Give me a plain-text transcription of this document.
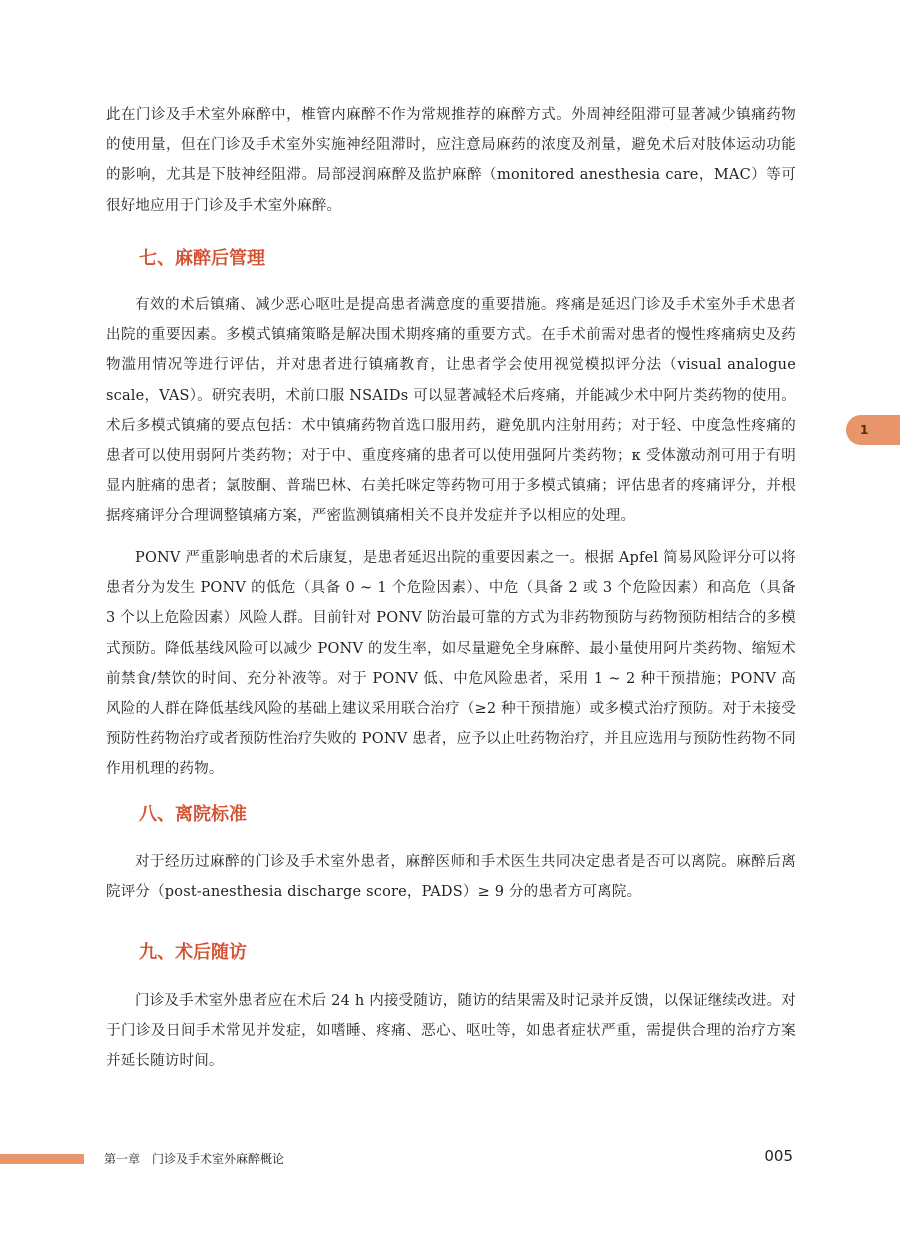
此在门诊及手术室外麻醉中，椎管内麻醉不作为常规推荐的麻醉方式。外周神经阻滞可显著减少镇痛药物的使用量，但在门诊及手术室外实施神经阻滞时，应注意局麻药的浓度及剂量，避免术后对肢体运动功能的影响，尤其是下肢神经阻滞。局部浸润麻醉及监护麻醉（monitored anesthesia care，MAC）等可很好地应用于门诊及手术室外麻醉。

七、麻醉后管理

有效的术后镇痛、减少恶心呕吐是提高患者满意度的重要措施。疼痛是延迟门诊及手术室外手术患者出院的重要因素。多模式镇痛策略是解决围术期疼痛的重要方式。在手术前需对患者的慢性疼痛病史及药物滥用情况等进行评估，并对患者进行镇痛教育，让患者学会使用视觉模拟评分法（visual analogue scale，VAS）。研究表明，术前口服 NSAIDs 可以显著减轻术后疼痛，并能减少术中阿片类药物的使用。术后多模式镇痛的要点包括：术中镇痛药物首选口服用药，避免肌内注射用药；对于轻、中度急性疼痛的患者可以使用弱阿片类药物；对于中、重度疼痛的患者可以使用强阿片类药物；κ 受体激动剂可用于有明显内脏痛的患者；氯胺酮、普瑞巴林、右美托咪定等药物可用于多模式镇痛；评估患者的疼痛评分，并根据疼痛评分合理调整镇痛方案，严密监测镇痛相关不良并发症并予以相应的处理。

PONV 严重影响患者的术后康复，是患者延迟出院的重要因素之一。根据 Apfel 简易风险评分可以将患者分为发生 PONV 的低危（具备 0 ~ 1 个危险因素）、中危（具备 2 或 3 个危险因素）和高危（具备 3 个以上危险因素）风险人群。目前针对 PONV 防治最可靠的方式为非药物预防与药物预防相结合的多模式预防。降低基线风险可以减少 PONV 的发生率，如尽量避免全身麻醉、最小量使用阿片类药物、缩短术前禁食/禁饮的时间、充分补液等。对于 PONV 低、中危风险患者，采用 1 ~ 2 种干预措施；PONV 高风险的人群在降低基线风险的基础上建议采用联合治疗（≥2 种干预措施）或多模式治疗预防。对于未接受预防性药物治疗或者预防性治疗失败的 PONV 患者，应予以止吐药物治疗，并且应选用与预防性药物不同作用机理的药物。

八、离院标准

对于经历过麻醉的门诊及手术室外患者，麻醉医师和手术医生共同决定患者是否可以离院。麻醉后离院评分（post-anesthesia discharge score，PADS）≥ 9 分的患者方可离院。

九、术后随访

门诊及手术室外患者应在术后 24 h 内接受随访，随访的结果需及时记录并反馈，以保证继续改进。对于门诊及日间手术常见并发症，如嗜睡、疼痛、恶心、呕吐等，如患者症状严重，需提供合理的治疗方案并延长随访时间。

1
第一章　门诊及手术室外麻醉概论	005
